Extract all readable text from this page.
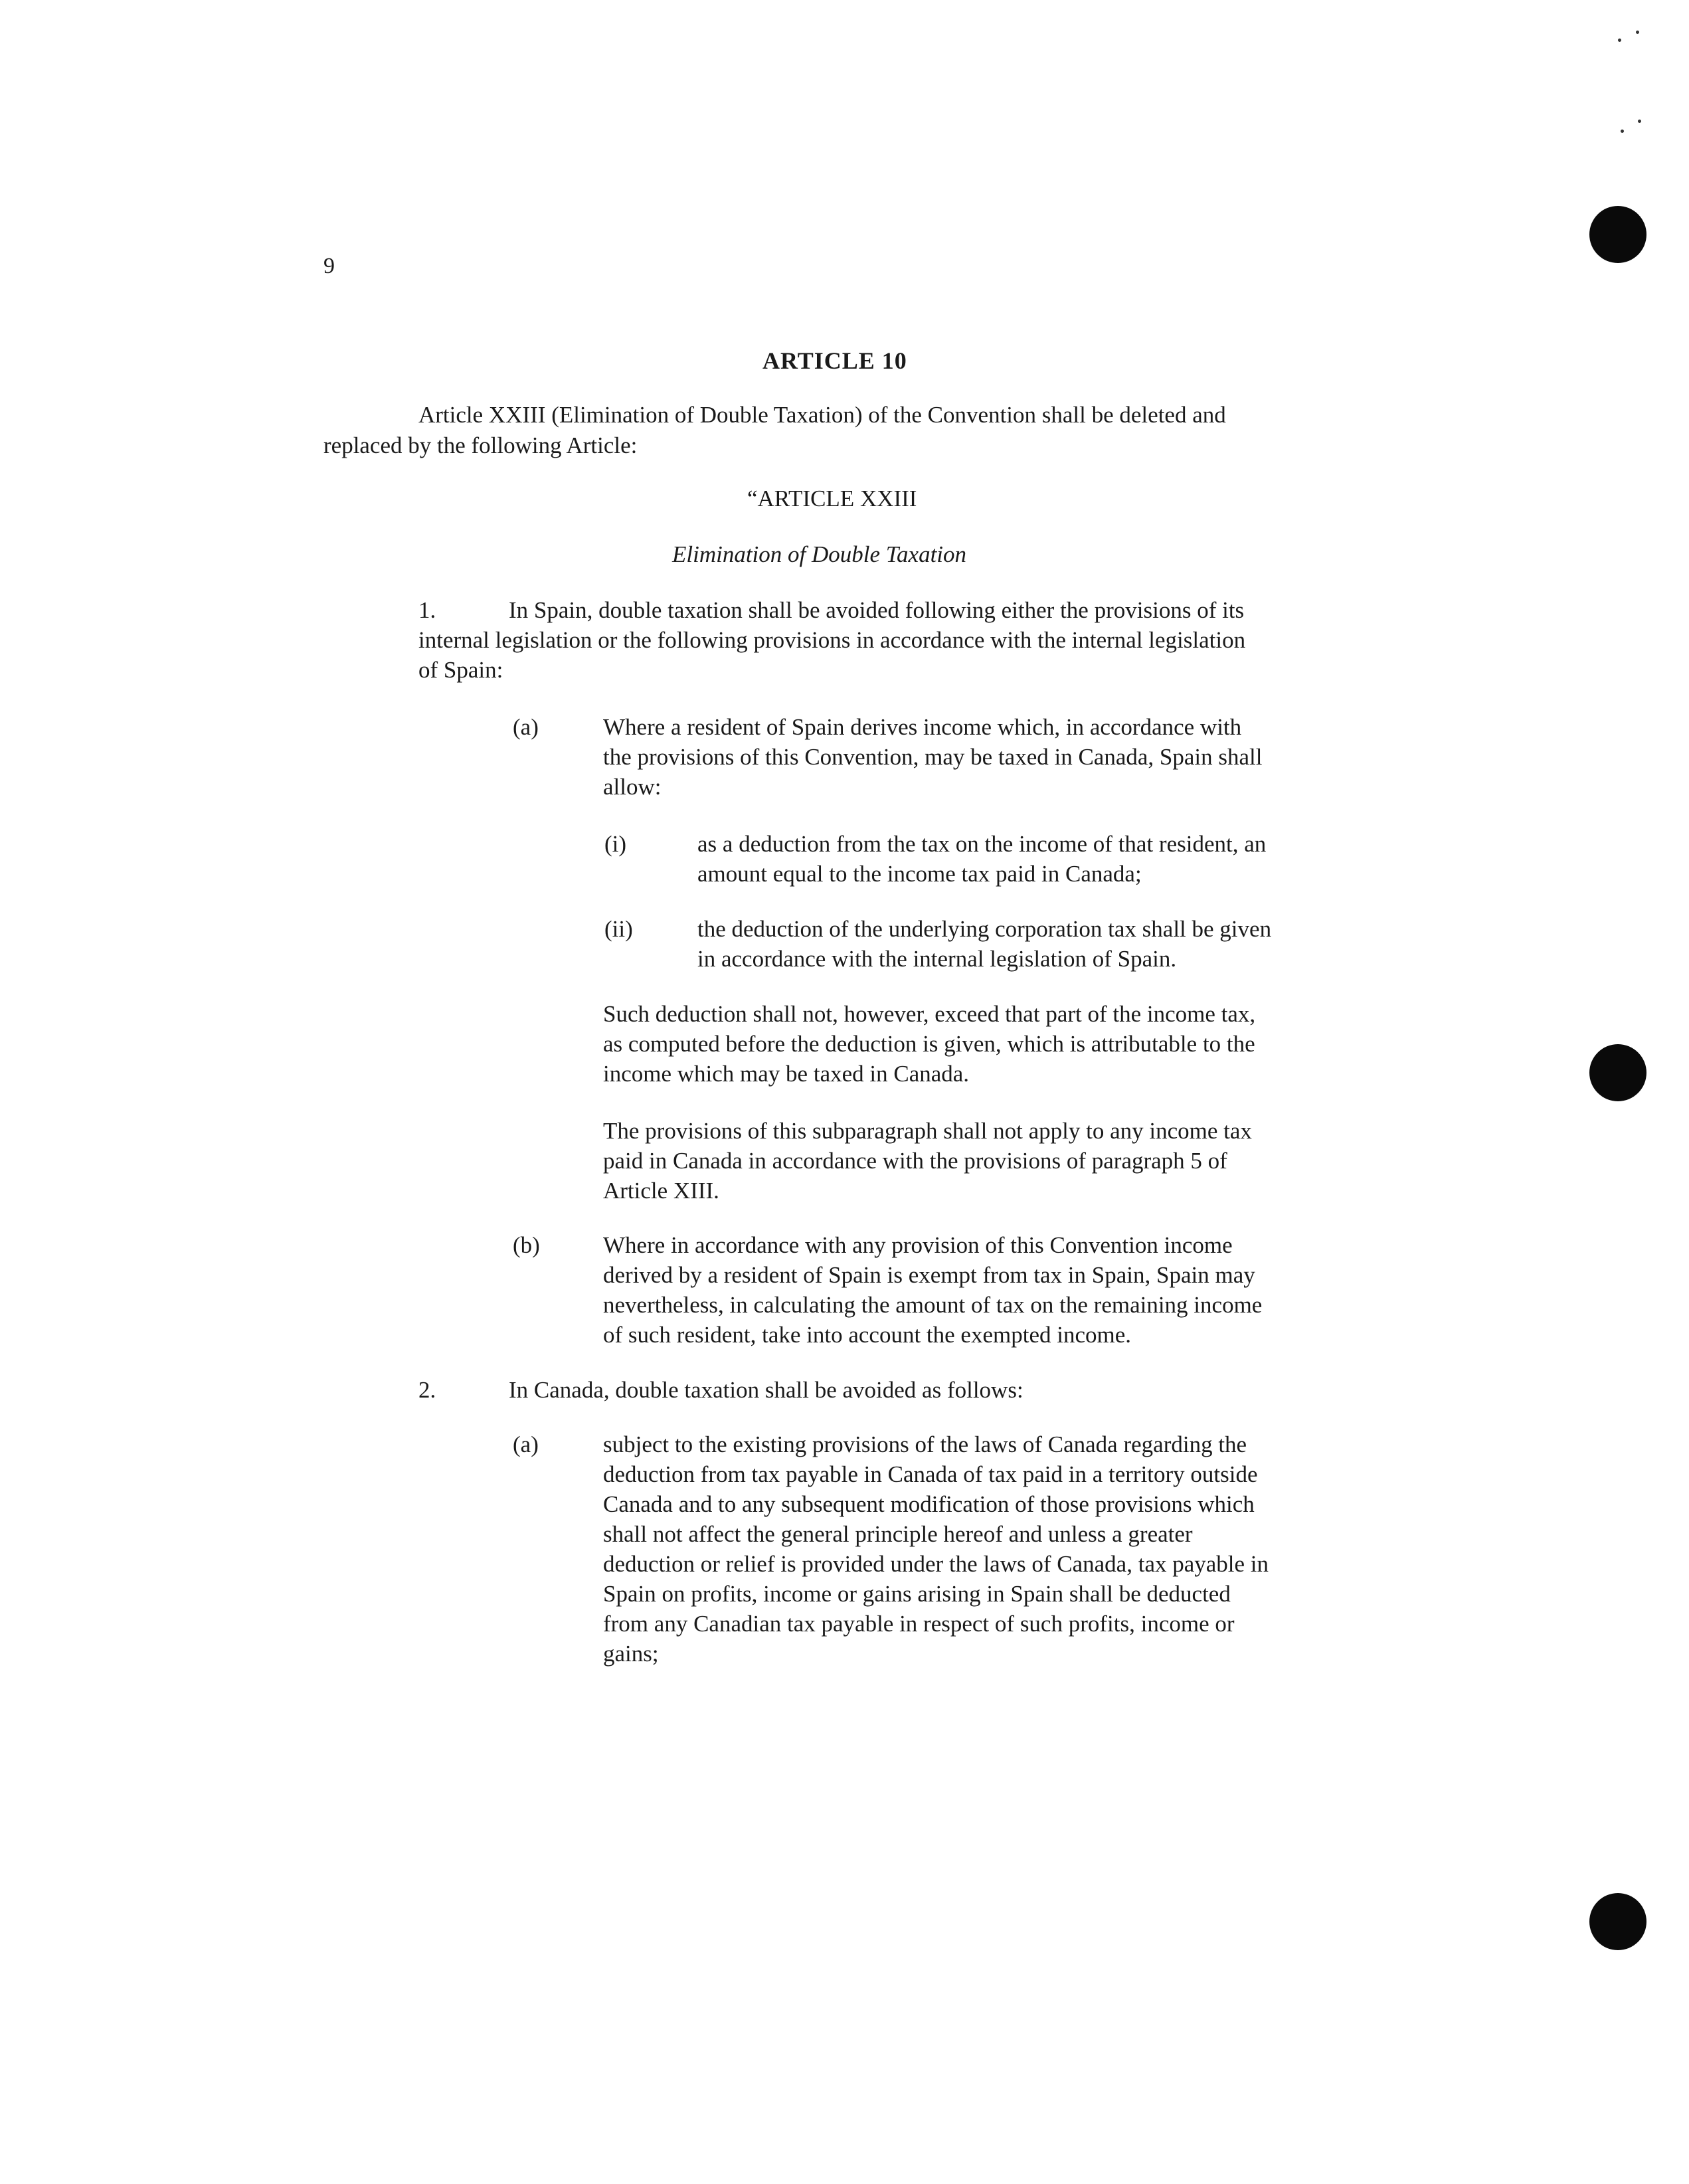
9
ARTICLE 10
Article XXIII (Elimination of Double Taxation) of the Convention shall be deleted and
replaced by the following Article:
“ARTICLE XXIII
Elimination of Double Taxation
1.	In Spain, double taxation shall be avoided following either the provisions of its
internal legislation or the following provisions in accordance with the internal legislation
of Spain:
(a)	Where a resident of Spain derives income which, in accordance with
the provisions of this Convention, may be taxed in Canada, Spain shall
allow:
(i)	as a deduction from the tax on the income of that resident, an
amount equal to the income tax paid in Canada;
(ii)	the deduction of the underlying corporation tax shall be given
in accordance with the internal legislation of Spain.
Such deduction shall not, however, exceed that part of the income tax,
as computed before the deduction is given, which is attributable to the
income which may be taxed in Canada.
The provisions of this subparagraph shall not apply to any income tax
paid in Canada in accordance with the provisions of paragraph 5 of
Article XIII.
(b)	Where in accordance with any provision of this Convention income
derived by a resident of Spain is exempt from tax in Spain, Spain may
nevertheless, in calculating the amount of tax on the remaining income
of such resident, take into account the exempted income.
2.	In Canada, double taxation shall be avoided as follows:
(a)	subject to the existing provisions of the laws of Canada regarding the
deduction from tax payable in Canada of tax paid in a territory outside
Canada and to any subsequent modification of those provisions which
shall not affect the general principle hereof and unless a greater
deduction or relief is provided under the laws of Canada, tax payable in
Spain on profits, income or gains arising in Spain shall be deducted
from any Canadian tax payable in respect of such profits, income or
gains;
